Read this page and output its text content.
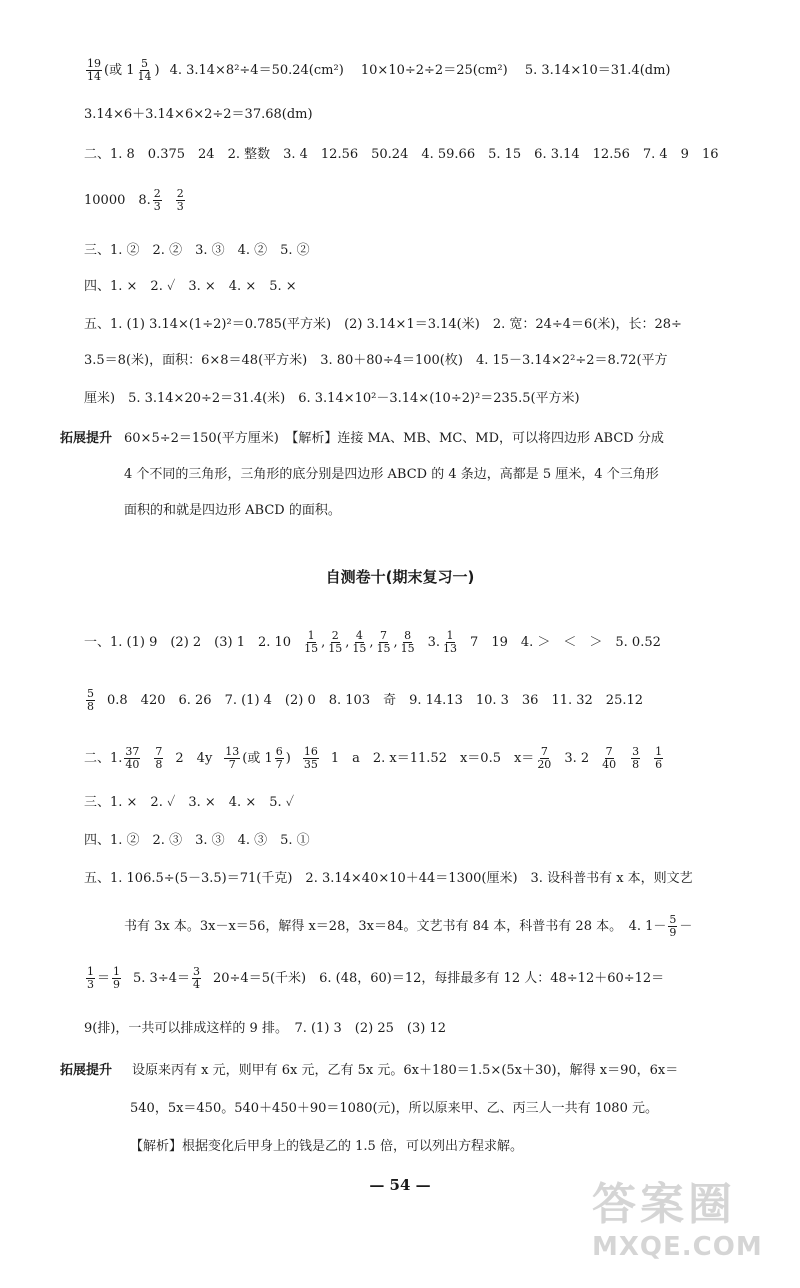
$\frac{19}{14}$ (或 $1 \frac{5}{14}$ ) 4. 3.14×8²÷4＝50.24(cm²)　 10×10÷2÷2＝25(cm²)　 5. 3.14×10＝31.4(dm)
3.14×6＋3.14×6×2÷2＝37.68(dm)
二、1. 8　0.375　24　2. 整数　3. 4　12.56　50.24　4. 59.66　5. 15　6. 3.14　12.56　7. 4　9　16
10000　8. $\frac{2}{3} \frac{2}{3}$
三、1. ②　2. ②　3. ③　4. ②　5. ②
四、1. ×　2. ✓　3. ×　4. ×　5. ×
五、1. (1) 3.14×(1÷2)²＝0.785(平方米)　(2) 3.14×1＝3.14(米)　2. 宽：24÷4＝6(米)，长：28÷
3.5＝8(米)，面积：6×8＝48(平方米)　3. 80＋80÷4＝100(枚)　4. 15－3.14×2²÷2＝8.72(平方
厘米)　5. 3.14×20÷2＝31.4(米)　6. 3.14×10²－3.14×(10÷2)²＝235.5(平方米)
拓展提升 60×5÷2＝150(平方厘米)　【解析】连接 MA、MB、MC、MD，可以将四边形 ABCD 分成
4 个不同的三角形，三角形的底分别是四边形 ABCD 的 4 条边，高都是 5 厘米，4 个三角形
面积的和就是四边形 ABCD 的面积。
自测卷十(期末复习一)
一、1. (1) 9　(2) 2　(3) 1　2. $10 \frac{1}{15}$ , $\frac{2}{15}$ , $\frac{4}{15}$ , $\frac{7}{15}$ , $\frac{8}{15} 3$. $\frac{1}{13} 7$　19　4. ＞　＜　＞　5. 0.52
$\frac{5}{8} 0.8$　420　6. 26　7. (1) 4　(2) 0　8. 103　奇　9. 14.13　10. 3　36　11. 32　25.12
二、1. $\frac{37}{40} \frac{7}{8} 2$　$4y \frac{13}{7}$ (或 $1 \frac{6}{7}$ ) $\frac{16}{35} 1$　a　2. x＝11.52　x＝0.5　$x= \frac{7}{20} 3$. $2 \frac{7}{40} \frac{3}{8} \frac{1}{6}$
三、1. ×　2. ✓　3. ×　4. ×　5. ✓
四、1. ②　2. ③　3. ③　4. ③　5. ①
五、1. 106.5÷(5－3.5)＝71(千克)　2. 3.14×40×10＋44＝1300(厘米)　3. 设科普书有 x 本，则文艺
书有 3x 本。3x－x＝56，解得 x＝28，3x＝84。文艺书有 84 本，科普书有 28 本。　4. $1- \frac{5}{9}$ －
$\frac{1}{3} = \frac{1}{9} 5$. $3\div 4= \frac{3}{4} 20\div 4=5$(千米)　6. (48，60)＝12，每排最多有 12 人：48÷12＋60÷12＝
9(排)，一共可以排成这样的 9 排。　7. (1) 3　(2) 25　(3) 12
拓展提升 设原来丙有 x 元，则甲有 6x 元，乙有 5x 元。6x＋180＝1.5×(5x＋30)，解得 x＝90，6x＝
540，5x＝450。540＋450＋90＝1080(元)，所以原来甲、乙、丙三人一共有 1080 元。
【解析】根据变化后甲身上的钱是乙的 1.5 倍，可以列出方程求解。
— 54 —	答案圈
MXQE.COM
